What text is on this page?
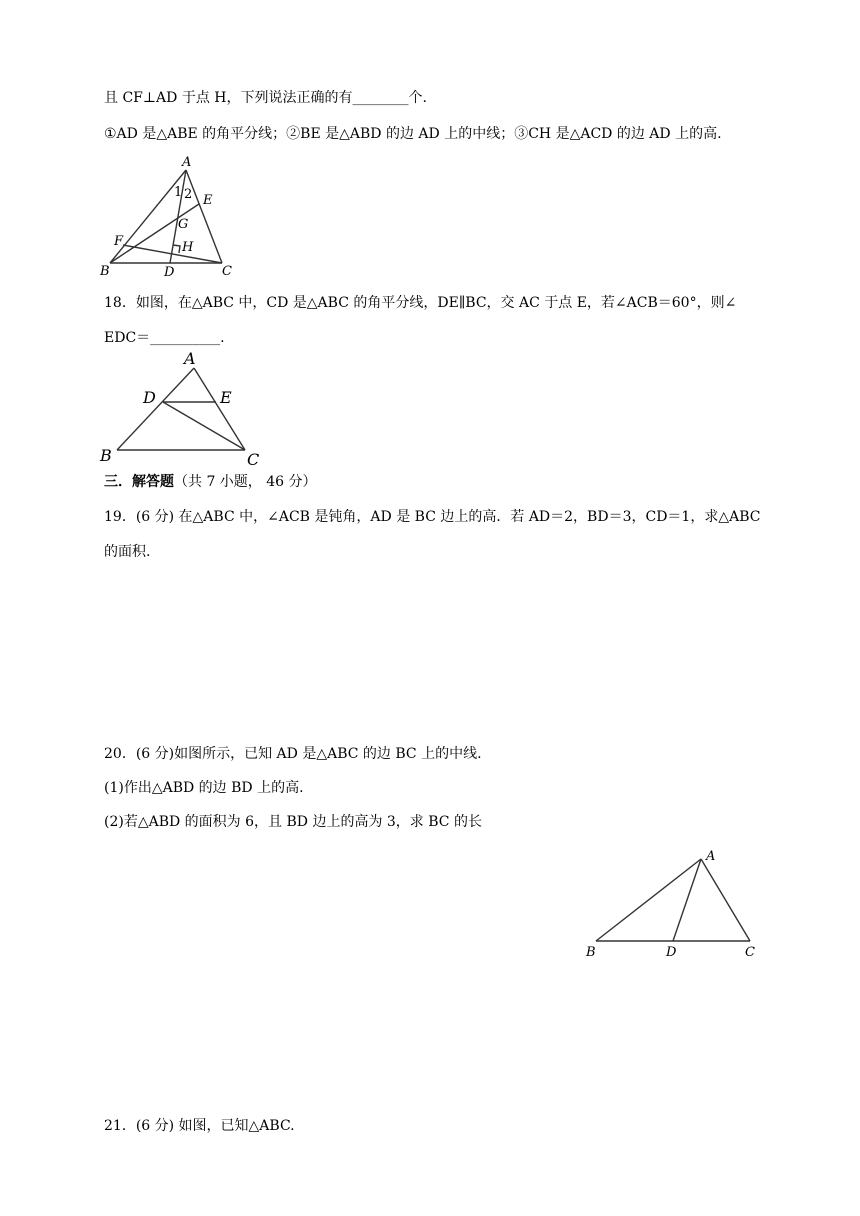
且 CF⊥AD 于点 H，下列说法正确的有________个.
①AD 是△ABE 的角平分线；②BE 是△ABD 的边 AD 上的中线；③CH 是△ACD 的边 AD 上的高.
A
1 2 E
G
F	H
B	D	C
18．如图，在△ABC 中，CD 是△ABC 的角平分线，DE∥BC，交 AC 于点 E，若∠ACB＝60°，则∠
EDC＝__________.
A
D	E
B	C
三．解答题（共 7 小题， 46 分）
19．(6 分) 在△ABC 中，∠ACB 是钝角，AD 是 BC 边上的高．若 AD＝2，BD＝3，CD＝1，求△ABC
的面积.
20．(6 分)如图所示，已知 AD 是△ABC 的边 BC 上的中线.
(1)作出△ABD 的边 BD 上的高.
(2)若△ABD 的面积为 6，且 BD 边上的高为 3，求 BC 的长
A
B	D	C
21．(6 分) 如图，已知△ABC.
